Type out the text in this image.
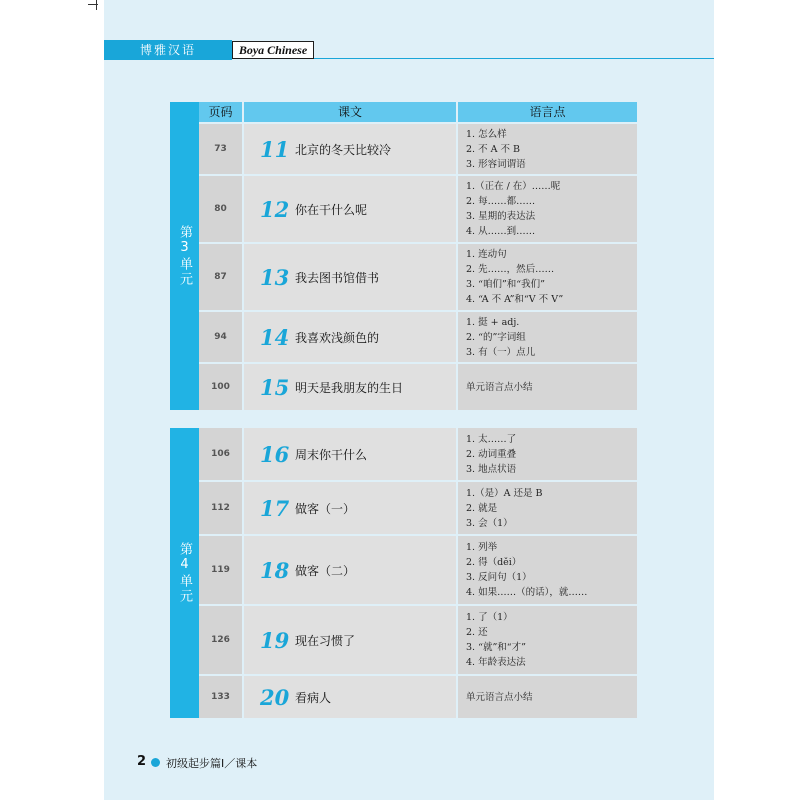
博雅汉语	Boya Chinese
第3单元
页码	课文	语言点
73	11 北京的冬天比较冷
1. 怎么样
2. 不 A 不 B
3. 形容词谓语
80	12 你在干什么呢
1.（正在 / 在）……呢
2. 每……都……
3. 星期的表达法
4. 从……到……
87	13 我去图书馆借书
1. 连动句
2. 先……，然后……
3. “咱们”和“我们”
4. “A 不 A”和“V 不 V”
94	14 我喜欢浅颜色的
1. 挺 + adj.
2. “的”字词组
3. 有（一）点儿
100	15 明天是我朋友的生日	单元语言点小结
第4单元
106	16 周末你干什么
1. 太……了
2. 动词重叠
3. 地点状语
112	17 做客（一）
1.（是）A 还是 B
2. 就是
3. 会（1）
119	18 做客（二）
1. 列举
2. 得（děi）
3. 反问句（1）
4. 如果……（的话），就……
126	19 现在习惯了
1. 了（1）
2. 还
3. “就”和“才”
4. 年龄表达法
133	20 看病人	单元语言点小结
2 初级起步篇Ⅰ／课本
